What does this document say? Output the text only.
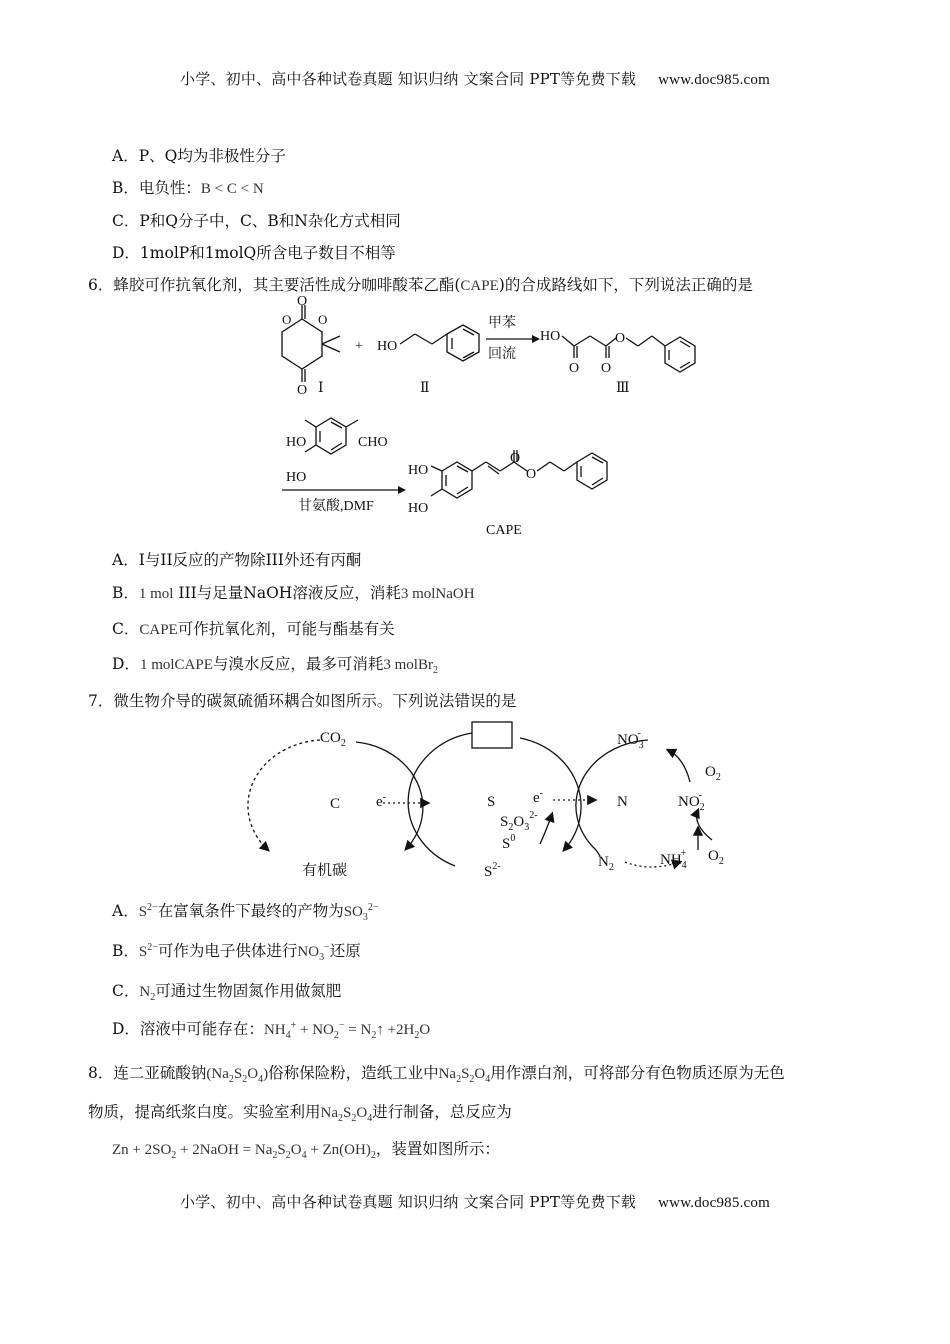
小学、初中、高中各种试卷真题 知识归纳 文案合同 PPT等免费下载 www.doc985.com
A．P、Q均为非极性分子
B．电负性：B < C < N
C．P和Q分子中，C、B和N杂化方式相同
D．1molP和1molQ所含电子数目不相等
6．蜂胶可作抗氧化剂，其主要活性成分咖啡酸苯乙酯(CAPE)的合成路线如下，下列说法正确的是
O
O O
O
+ HO
甲苯
回流
HO
O O
O
Ⅰ	Ⅱ	Ⅲ
HO
HO
CHO
甘氨酸,DMF
HO
HO
O
O
CAPE
A．I与II反应的产物除III外还有丙酮
B．1 mol III与足量NaOH溶液反应，消耗3 molNaOH
C．CAPE可作抗氧化剂，可能与酯基有关
D．1 molCAPE与溴水反应，最多可消耗3 molBr$_2$
7．微生物介导的碳氮硫循环耦合如图所示。下列说法错误的是
$CO_2$
C e-
有机碳
S	e-
$S_2O_3^{2-}$
$S^0$
$S^{2-}$
N
$NO_3-$
$O_2$
$NO_2-$
$NH_4+ O_2$
$N_2$
A．$S^{2-}$在富氧条件下最终的产物为$SO_3^{2-}$
B．$S^{2-}$可作为电子供体进行$NO_3^-$还原
C．$N_2$可通过生物固氮作用做氮肥
D．溶液中可能存在：$NH_4^+ + NO_2^-$ = $N_2↑ +2H_2O$
8．连二亚硫酸钠$(Na_2S_2O_4)$俗称保险粉，造纸工业中$Na_2S_2O_4$用作漂白剂，可将部分有色物质还原为无色
物质，提高纸浆白度。实验室利用$Na_2S_2O_4$进行制备，总反应为
$Zn + 2SO_2$ + 2NaOH = $Na_2S_2O_4 + Zn(OH)_2$，装置如图所示：
小学、初中、高中各种试卷真题 知识归纳 文案合同 PPT等免费下载 www.doc985.com
